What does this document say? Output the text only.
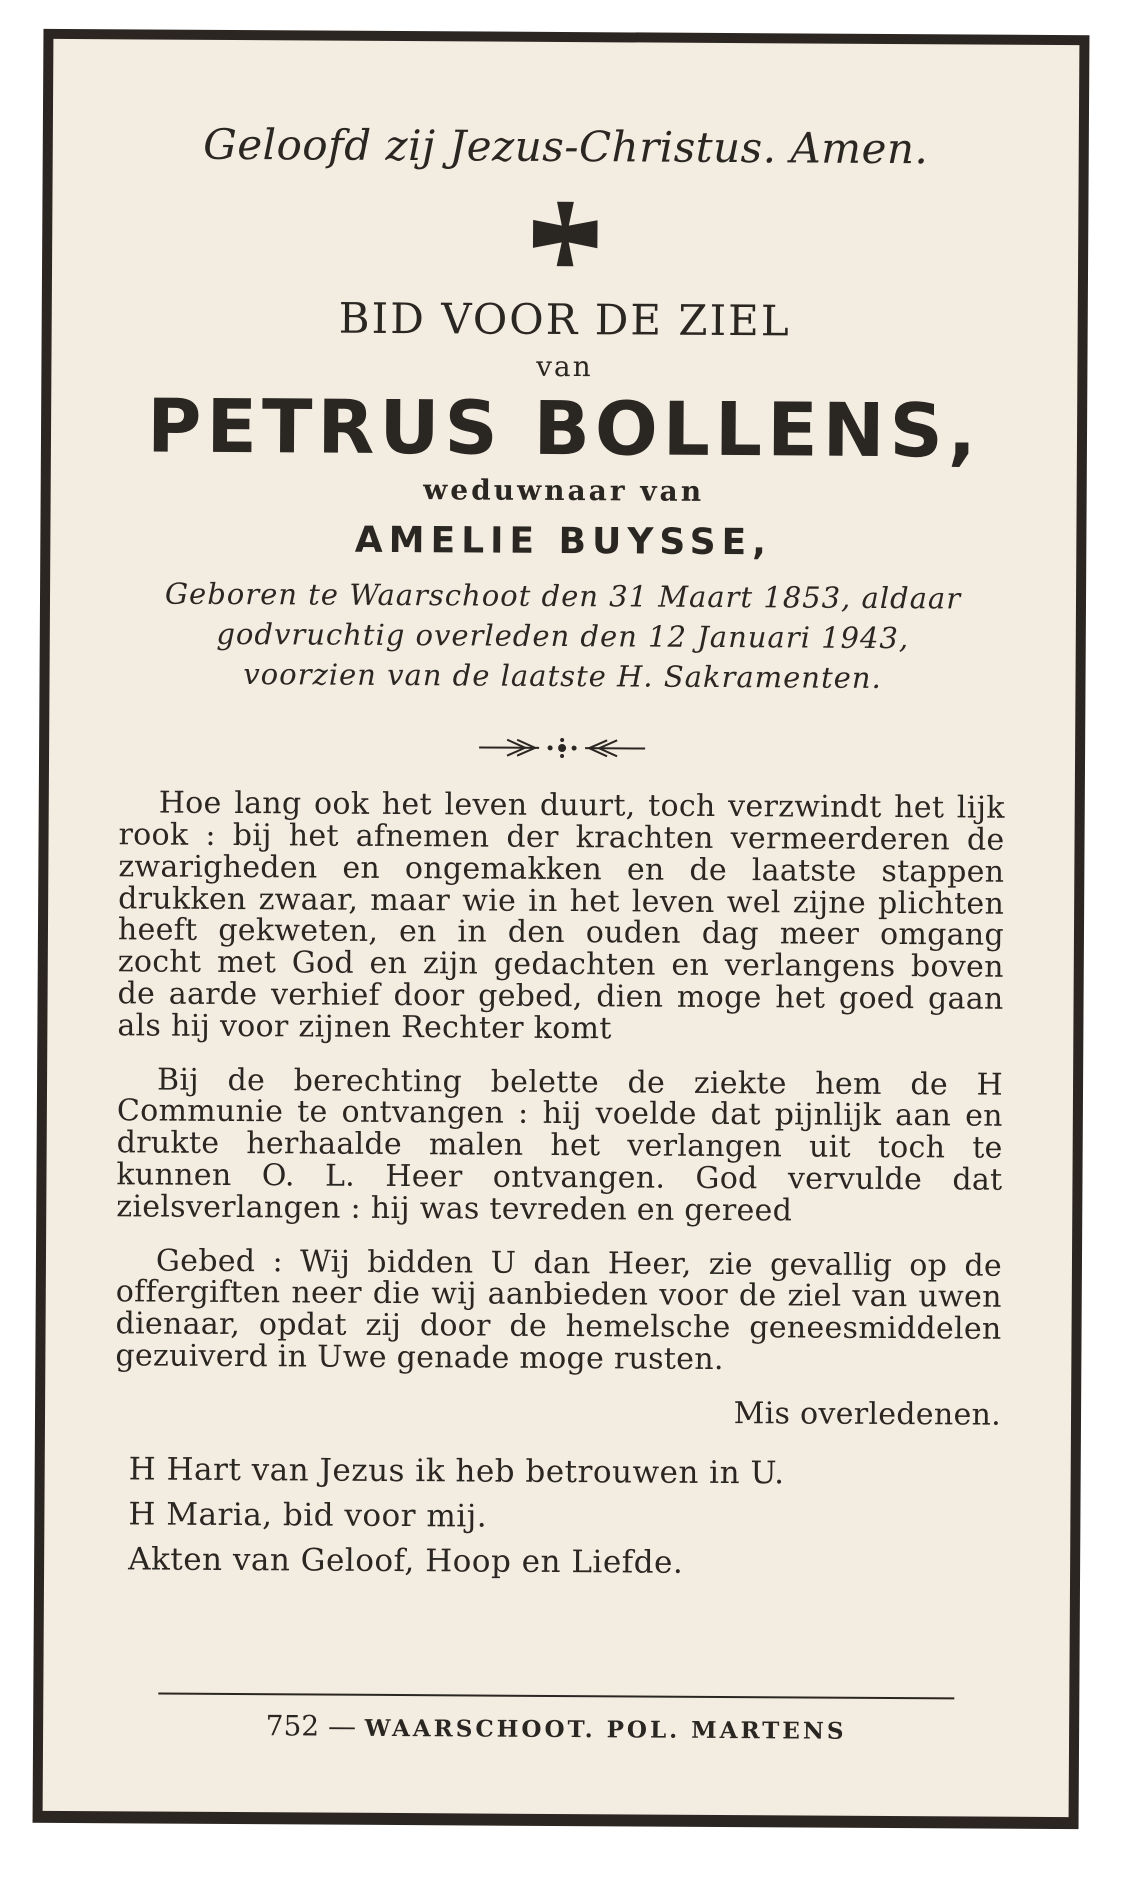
Geloofd zij Jezus-Christus. Amen.
BID VOOR DE ZIEL
van
PETRUS BOLLENS,
weduwnaar van
AMELIE BUYSSE,
Geboren te Waarschoot den 31 Maart 1853, aldaar
godvruchtig overleden den 12 Januari 1943,
voorzien van de laatste H. Sakramenten.

Hoe lang ook het leven duurt, toch verzwindt het lijk rook : bij het afnemen der krachten vermeerderen de zwarigheden en ongemakken en de laatste stappen drukken zwaar, maar wie in het leven wel zijne plichten heeft gekweten, en in den ouden dag meer omgang zocht met God en zijn gedachten en verlangens boven de aarde verhief door gebed, dien moge het goed gaan als hij voor zijnen Rechter komt

Bij de berechting belette de ziekte hem de H Communie te ontvangen : hij voelde dat pijnlijk aan en drukte herhaalde malen het verlangen uit toch te kunnen O. L. Heer ontvangen. God vervulde dat zielsverlangen : hij was tevreden en gereed

Gebed : Wij bidden U dan Heer, zie gevallig op de offergiften neer die wij aanbieden voor de ziel van uwen dienaar, opdat zij door de hemelsche geneesmiddelen gezuiverd in Uwe genade moge rusten.

Mis overledenen.

H Hart van Jezus ik heb betrouwen in U.
H Maria, bid voor mij.
Akten van Geloof, Hoop en Liefde.
752 — WAARSCHOOT. POL. MARTENS
